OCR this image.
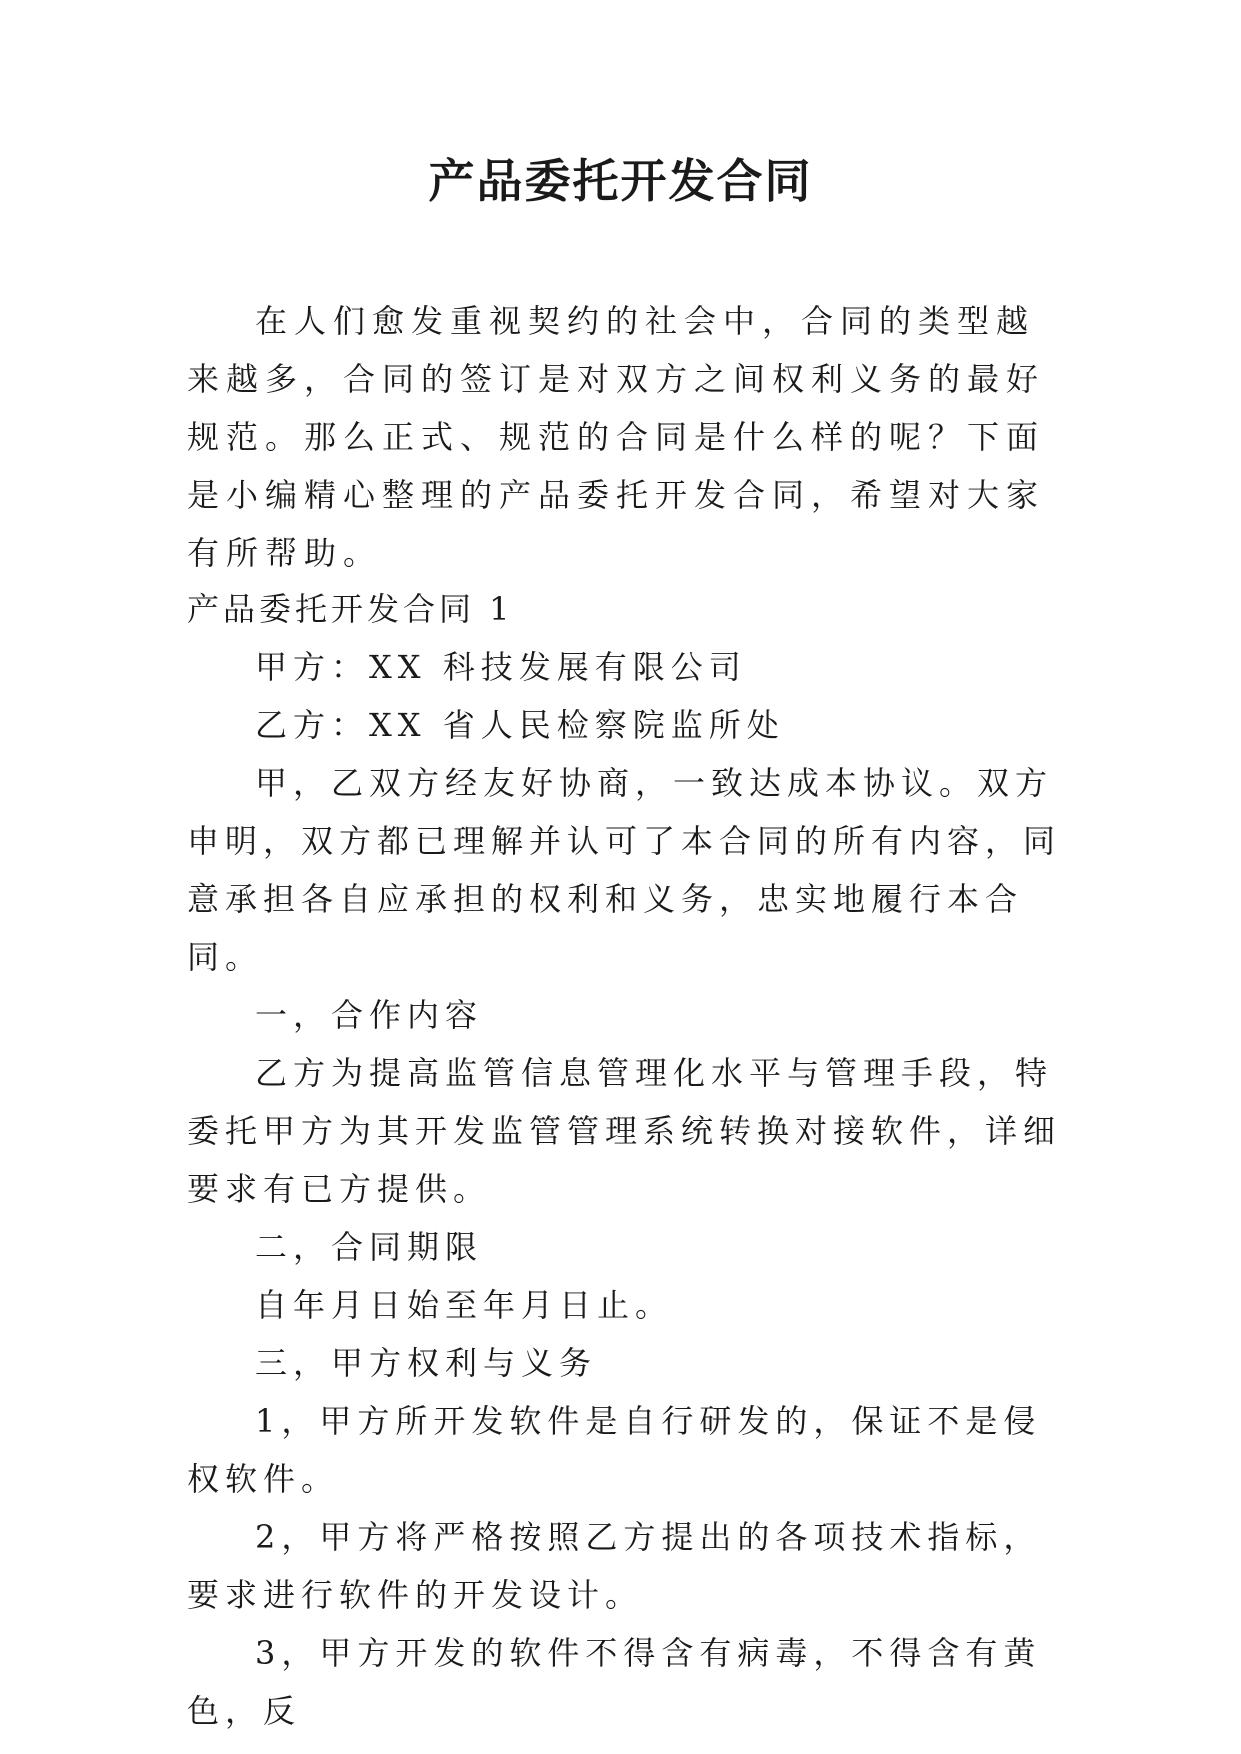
产品委托开发合同

在人们愈发重视契约的社会中，合同的类型越来越多，合同的签订是对双方之间权利义务的最好规范。那么正式、规范的合同是什么样的呢？下面是小编精心整理的产品委托开发合同，希望对大家有所帮助。

产品委托开发合同 1

甲方：XX 科技发展有限公司

乙方：XX 省人民检察院监所处

甲，乙双方经友好协商，一致达成本协议。双方申明，双方都已理解并认可了本合同的所有内容，同意承担各自应承担的权利和义务，忠实地履行本合同。

一，合作内容

乙方为提高监管信息管理化水平与管理手段，特委托甲方为其开发监管管理系统转换对接软件，详细要求有已方提供。

二，合同期限

自年月日始至年月日止。

三，甲方权利与义务

1，甲方所开发软件是自行研发的，保证不是侵权软件。

2，甲方将严格按照乙方提出的各项技术指标，要求进行软件的开发设计。

3，甲方开发的软件不得含有病毒，不得含有黄色，反
